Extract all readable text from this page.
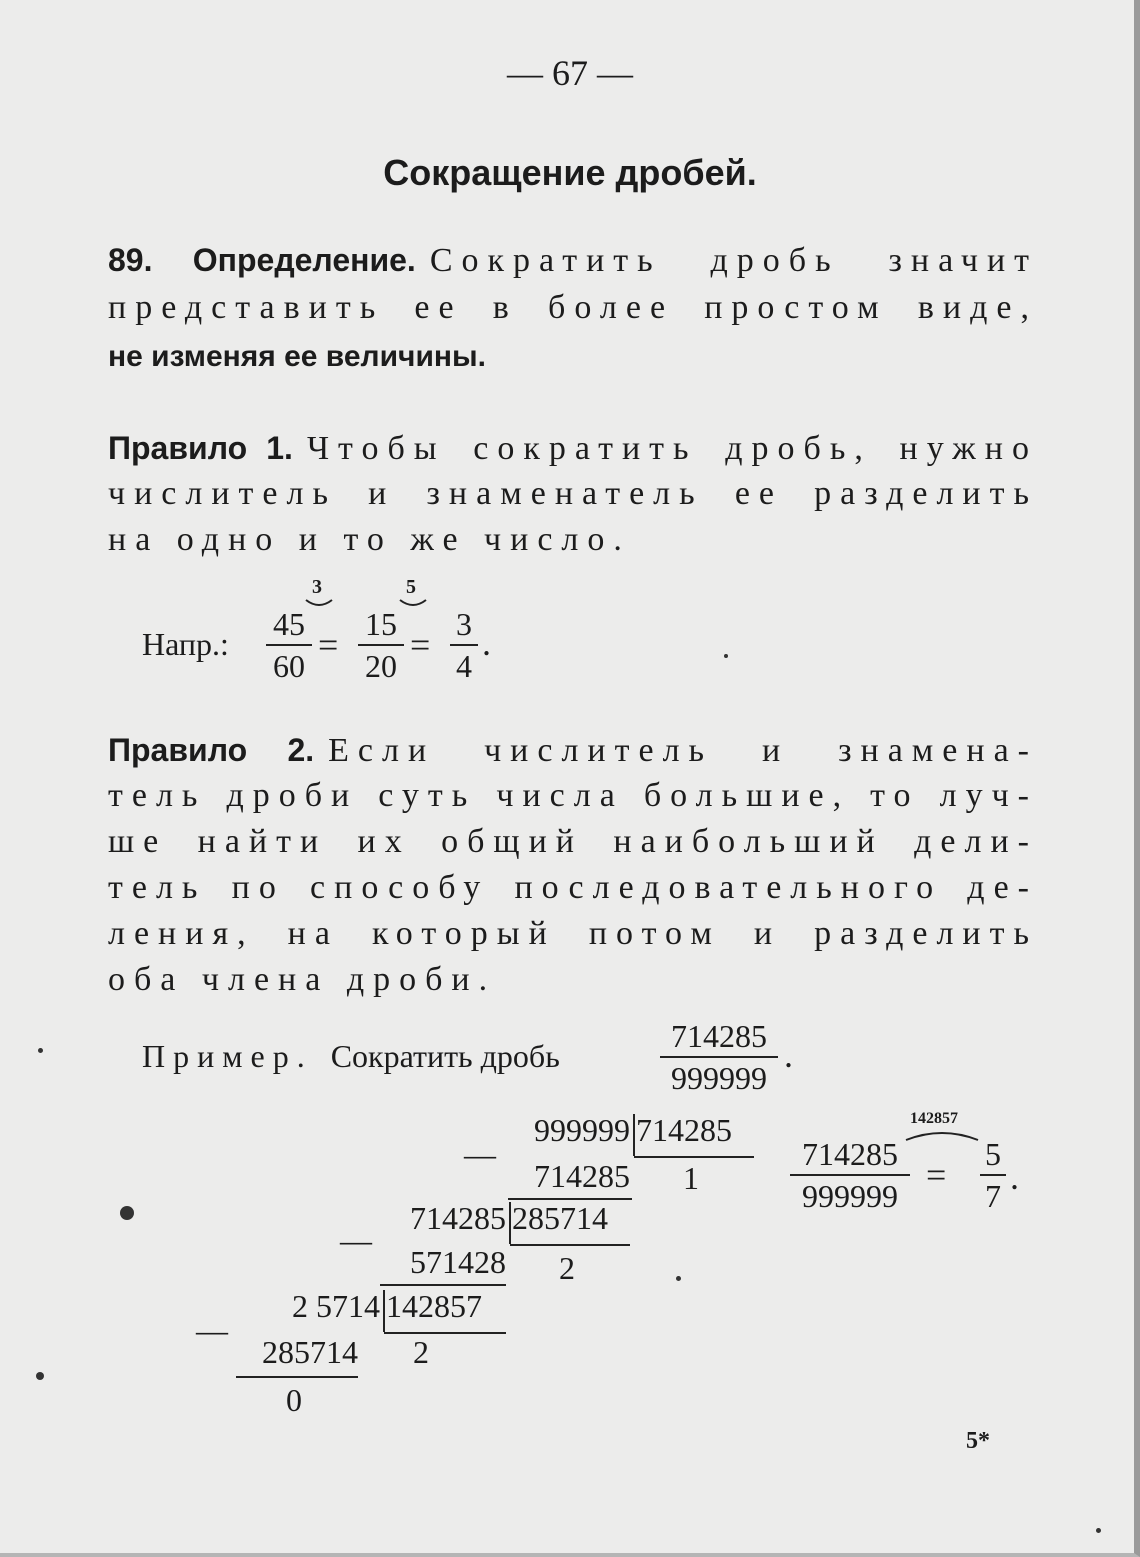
— 67 —
Сокращение дробей.
89. Определение. Сократить дробь значит
представить ее в более простом виде,
не изменяя ее величины.
Правило 1. Чтобы сократить дробь, нужно
числитель и знаменатель ее разделить
на одно и то же число.
Напр.:
3	5
45
60
=
15
20
=
3
4
.
Правило 2. Если числитель и знамена-
тель дроби суть числа большие, то луч-
ше найти их общий наибольший дели-
тель по способу последовательного де-
ления, на который потом и разделить
оба члена дроби.
Пример. Сократить дробь
714285
999999
.
—
999999 714285
714285	1
—
714285 285714
571428	2
—
2 5714 142857
285714	2
0
142857
714285
999999
=
5
7 .
5*
